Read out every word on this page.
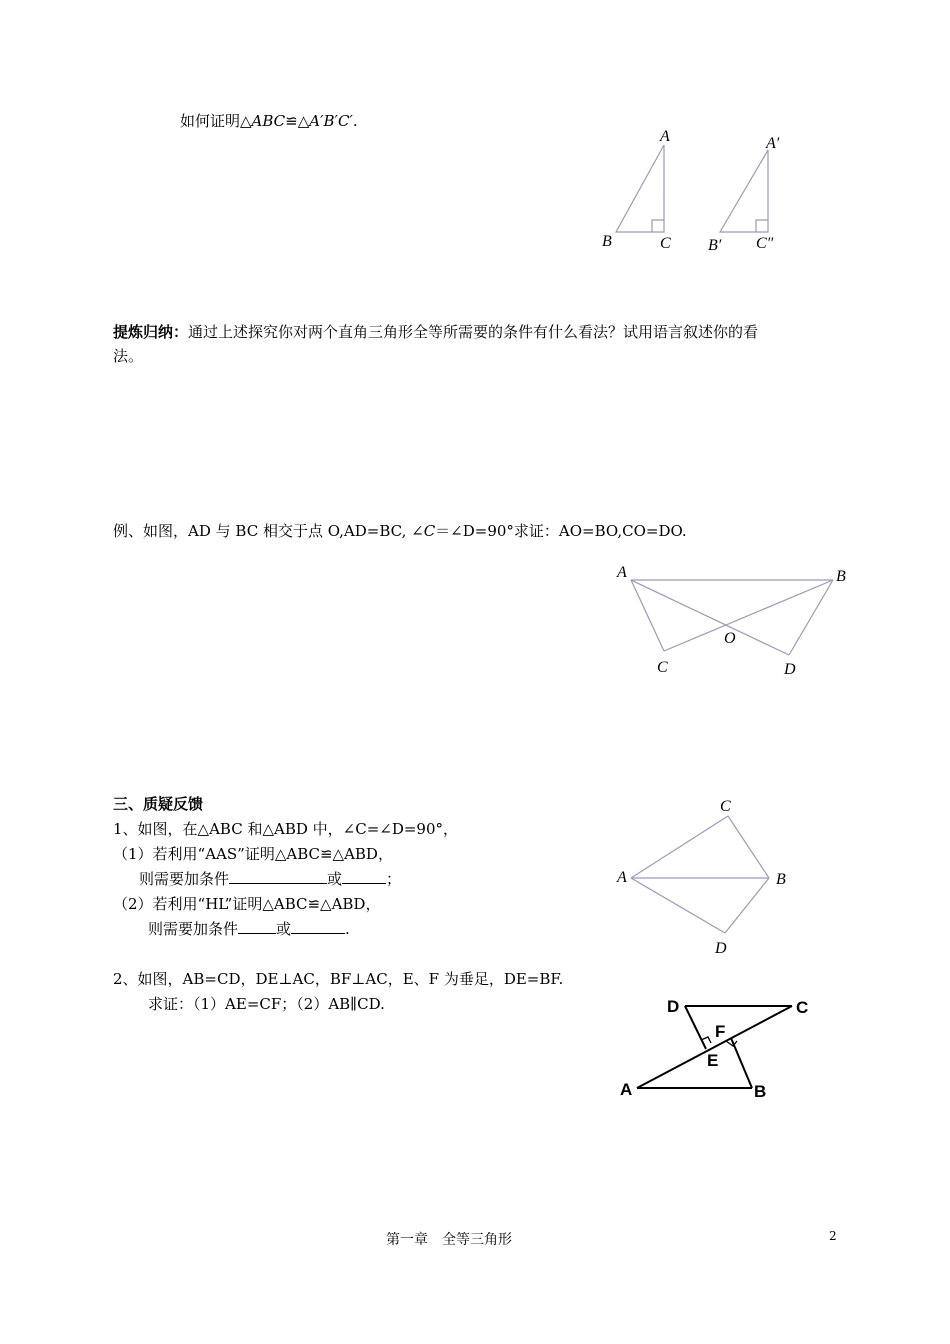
如何证明△ABC≌△A′B′C′.
A
B	C
A′
B′ C″
提炼归纳：通过上述探究你对两个直角三角形全等所需要的条件有什么看法？试用语言叙述你的看
法。
例、如图，AD 与 BC 相交于点 O,AD=BC, ∠C＝∠D=90°求证：AO=BO,CO=DO.
A	B
O
C	D
三、质疑反馈
1、如图，在△ABC 和△ABD 中，∠C=∠D=90°，
（1）若利用“AAS”证明△ABC≌△ABD，
则需要加条件	或	；
（2）若利用“HL”证明△ABC≌△ABD，
则需要加条件	或	.
2、如图，AB=CD，DE⊥AC，BF⊥AC，E、F 为垂足，DE=BF.
求证：（1）AE=CF；（2）AB∥CD.
C
A	B
D
D	C
F
E
A	B
第一章　全等三角形	2
